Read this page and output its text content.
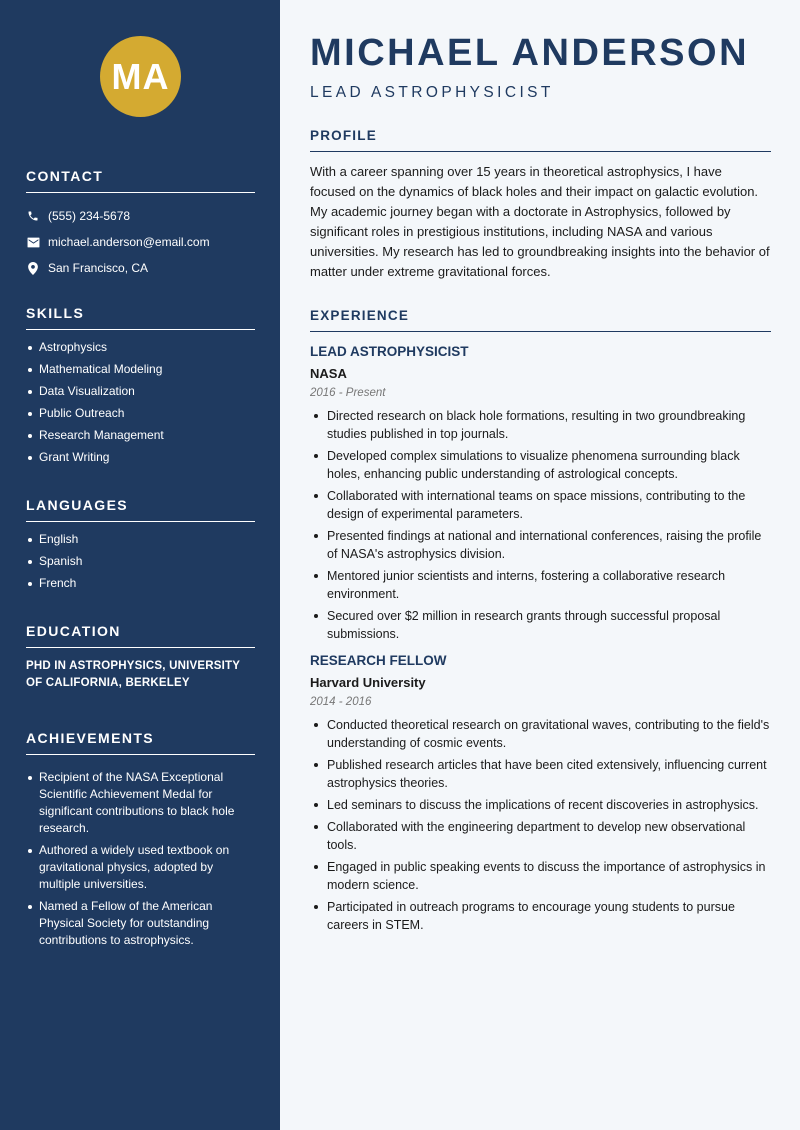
MA
CONTACT
(555) 234-5678
michael.anderson@email.com
San Francisco, CA
SKILLS
Astrophysics
Mathematical Modeling
Data Visualization
Public Outreach
Research Management
Grant Writing
LANGUAGES
English
Spanish
French
EDUCATION
PHD IN ASTROPHYSICS, UNIVERSITY OF CALIFORNIA, BERKELEY
ACHIEVEMENTS
Recipient of the NASA Exceptional Scientific Achievement Medal for significant contributions to black hole research.
Authored a widely used textbook on gravitational physics, adopted by multiple universities.
Named a Fellow of the American Physical Society for outstanding contributions to astrophysics.
MICHAEL ANDERSON
LEAD ASTROPHYSICIST
PROFILE

With a career spanning over 15 years in theoretical astrophysics, I have focused on the dynamics of black holes and their impact on galactic evolution. My academic journey began with a doctorate in Astrophysics, followed by significant roles in prestigious institutions, including NASA and various universities. My research has led to groundbreaking insights into the behavior of matter under extreme gravitational forces.

EXPERIENCE
LEAD ASTROPHYSICIST
NASA
2016 - Present
Directed research on black hole formations, resulting in two groundbreaking studies published in top journals.
Developed complex simulations to visualize phenomena surrounding black holes, enhancing public understanding of astrological concepts.
Collaborated with international teams on space missions, contributing to the design of experimental parameters.
Presented findings at national and international conferences, raising the profile of NASA's astrophysics division.
Mentored junior scientists and interns, fostering a collaborative research environment.
Secured over $2 million in research grants through successful proposal submissions.
RESEARCH FELLOW
Harvard University
2014 - 2016
Conducted theoretical research on gravitational waves, contributing to the field's understanding of cosmic events.
Published research articles that have been cited extensively, influencing current astrophysics theories.
Led seminars to discuss the implications of recent discoveries in astrophysics.
Collaborated with the engineering department to develop new observational tools.
Engaged in public speaking events to discuss the importance of astrophysics in modern science.
Participated in outreach programs to encourage young students to pursue careers in STEM.
